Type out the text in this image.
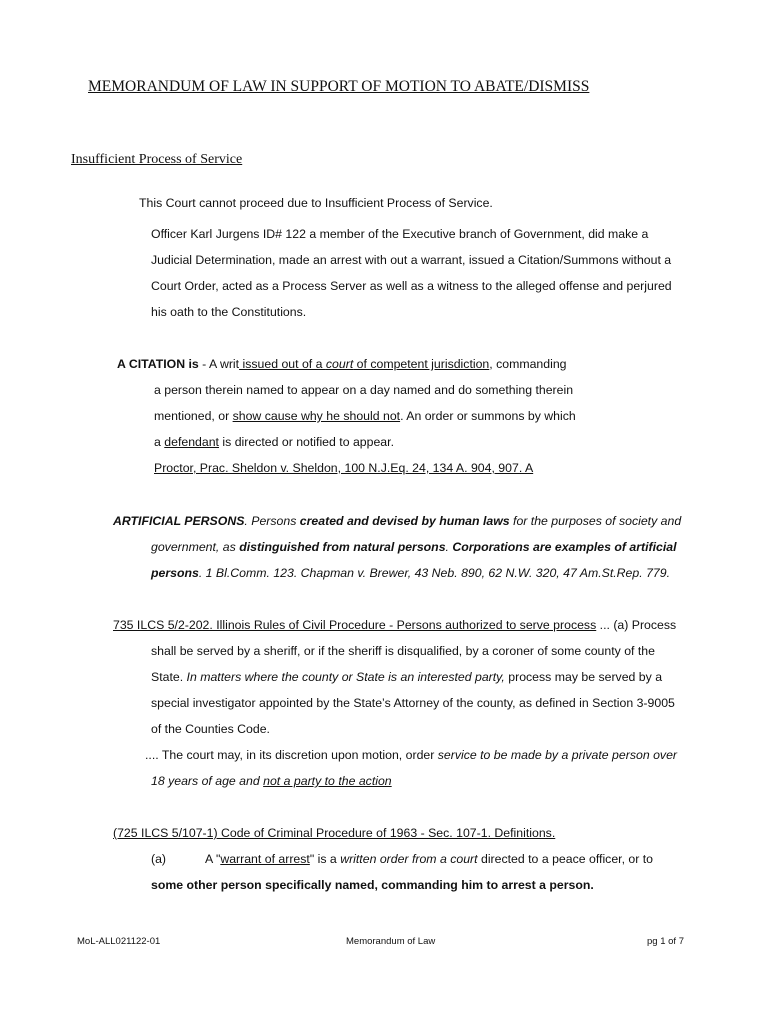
MEMORANDUM OF LAW IN SUPPORT OF MOTION TO ABATE/DISMISS
Insufficient Process of Service
This Court cannot proceed due to Insufficient Process of Service.
Officer Karl Jurgens ID# 122 a member of the Executive branch of Government, did make a
Judicial Determination, made an arrest with out a warrant, issued a Citation/Summons without a
Court Order, acted as a Process Server as well as a witness to the alleged offense and perjured
his oath to the Constitutions.
A CITATION is - A writ issued out of a court of competent jurisdiction, commanding
a person therein named to appear on a day named and do something therein
mentioned, or show cause why he should not. An order or summons by which
a defendant is directed or notified to appear.
Proctor, Prac. Sheldon v. Sheldon, 100 N.J.Eq. 24, 134 A. 904, 907. A
ARTIFICIAL PERSONS. Persons created and devised by human laws for the purposes of society and
government, as distinguished from natural persons. Corporations are examples of artificial
persons. 1 Bl.Comm. 123. Chapman v. Brewer, 43 Neb. 890, 62 N.W. 320, 47 Am.St.Rep. 779.
735 ILCS 5/2-202. Illinois Rules of Civil Procedure - Persons authorized to serve process ... (a) Process
shall be served by a sheriff, or if the sheriff is disqualified, by a coroner of some county of the
State. In matters where the county or State is an interested party, process may be served by a
special investigator appointed by the State’s Attorney of the county, as defined in Section 3-9005
of the Counties Code.
.... The court may, in its discretion upon motion, order service to be made by a private person over
18 years of age and not a party to the action
(725 ILCS 5/107-1) Code of Criminal Procedure of 1963 - Sec. 107-1. Definitions.
(a)	A "warrant of arrest" is a written order from a court directed to a peace officer, or to
some other person specifically named, commanding him to arrest a person.
MoL-ALL021122-01	Memorandum of Law	pg 1 of 7
